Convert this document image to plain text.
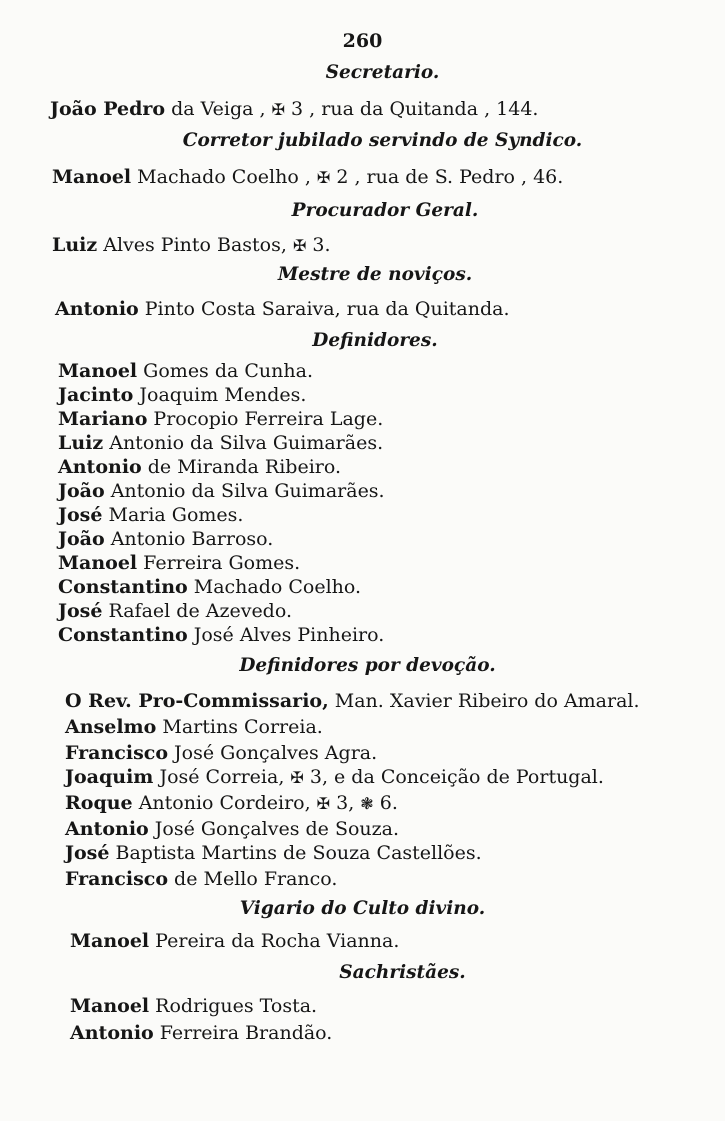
260
Secretario.
João Pedro da Veiga , ✠ 3 , rua da Quitanda , 144.
Corretor jubilado servindo de Syndico.
Manoel Machado Coelho , ✠ 2 , rua de S. Pedro , 46.
Procurador Geral.
Luiz Alves Pinto Bastos, ✠ 3.
Mestre de noviços.
Antonio Pinto Costa Saraiva, rua da Quitanda.
Definidores.
Manoel Gomes da Cunha.
Jacinto Joaquim Mendes.
Mariano Procopio Ferreira Lage.
Luiz Antonio da Silva Guimarães.
Antonio de Miranda Ribeiro.
João Antonio da Silva Guimarães.
José Maria Gomes.
João Antonio Barroso.
Manoel Ferreira Gomes.
Constantino Machado Coelho.
José Rafael de Azevedo.
Constantino José Alves Pinheiro.
Definidores por devoção.
O Rev. Pro-Commissario, Man. Xavier Ribeiro do Amaral.
Anselmo Martins Correia.
Francisco José Gonçalves Agra.
Joaquim José Correia, ✠ 3, e da Conceição de Portugal.
Roque Antonio Cordeiro, ✠ 3, ❃ 6.
Antonio José Gonçalves de Souza.
José Baptista Martins de Souza Castellões.
Francisco de Mello Franco.
Vigario do Culto divino.
Manoel Pereira da Rocha Vianna.
Sachristães.
Manoel Rodrigues Tosta.
Antonio Ferreira Brandão.
